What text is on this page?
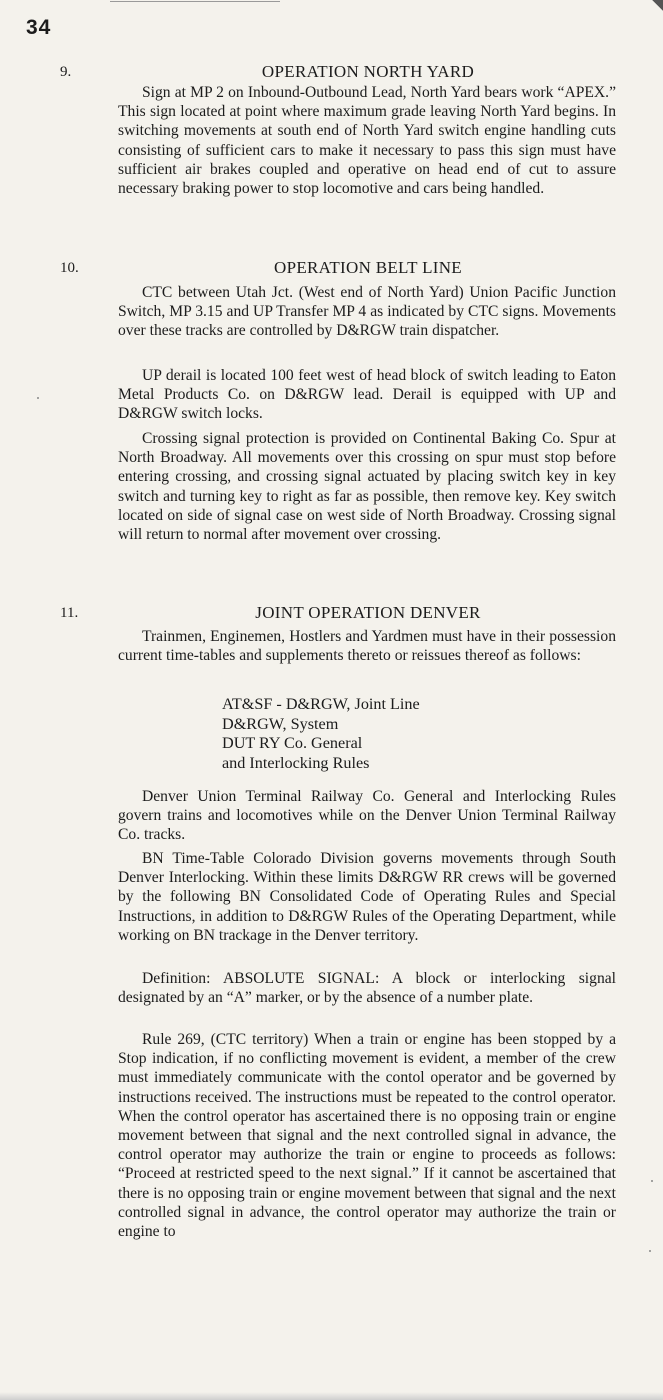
34
9.	OPERATION NORTH YARD
Sign at MP 2 on Inbound-Outbound Lead, North Yard bears work “APEX.” This sign located at point where maximum grade leaving North Yard begins. In switching movements at south end of North Yard switch engine handling cuts consisting of sufficient cars to make it necessary to pass this sign must have sufficient air brakes coupled and operative on head end of cut to assure necessary braking power to stop locomotive and cars being handled.
10.	OPERATION BELT LINE
CTC between Utah Jct. (West end of North Yard) Union Pacific Junction Switch, MP 3.15 and UP Transfer MP 4 as indicated by CTC signs. Movements over these tracks are controlled by D&RGW train dispatcher.
UP derail is located 100 feet west of head block of switch leading to Eaton Metal Products Co. on D&RGW lead. Derail is equipped with UP and D&RGW switch locks.
Crossing signal protection is provided on Continental Baking Co. Spur at North Broadway. All movements over this crossing on spur must stop before entering crossing, and crossing signal actuated by placing switch key in key switch and turning key to right as far as possible, then remove key. Key switch located on side of signal case on west side of North Broadway. Crossing signal will return to normal after movement over crossing.
11.	JOINT OPERATION DENVER
Trainmen, Enginemen, Hostlers and Yardmen must have in their possession current time-tables and supplements thereto or reissues thereof as follows:
AT&SF - D&RGW, Joint Line
D&RGW, System
DUT RY Co. General
and Interlocking Rules
Denver Union Terminal Railway Co. General and Interlocking Rules govern trains and locomotives while on the Denver Union Terminal Railway Co. tracks.
BN Time-Table Colorado Division governs movements through South Denver Interlocking. Within these limits D&RGW RR crews will be governed by the following BN Consolidated Code of Operating Rules and Special Instructions, in addition to D&RGW Rules of the Operating Department, while working on BN trackage in the Denver territory.
Definition: ABSOLUTE SIGNAL: A block or interlocking signal designated by an “A” marker, or by the absence of a number plate.
Rule 269, (CTC territory) When a train or engine has been stopped by a Stop indication, if no conflicting movement is evident, a member of the crew must immediately communicate with the contol operator and be governed by instructions received. The instructions must be repeated to the control operator. When the control operator has ascertained there is no opposing train or engine movement between that signal and the next controlled signal in advance, the control operator may authorize the train or engine to proceeds as follows: “Proceed at restricted speed to the next signal.” If it cannot be ascertained that there is no opposing train or engine movement between that signal and the next controlled signal in advance, the control operator may authorize the train or engine to
